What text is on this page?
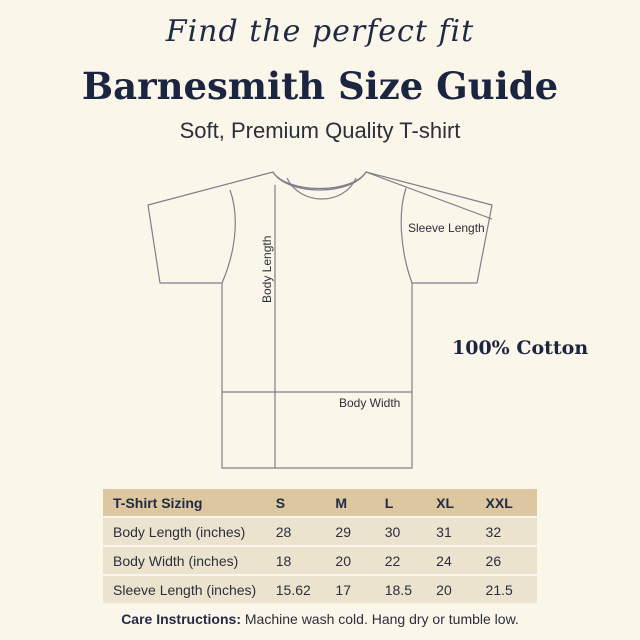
Find the perfect fit
Barnesmith Size Guide
Soft, Premium Quality T-shirt
Sleeve Length
Body Width
Body Length
100% Cotton
T-Shirt Sizing	S	M	L	XL	XXL
Body Length (inches)	28	29	30	31	32
Body Width (inches)	18	20	22	24	26
Sleeve Length (inches)	15.62	17	18.5	20	21.5
Care Instructions: Machine wash cold. Hang dry or tumble low.
